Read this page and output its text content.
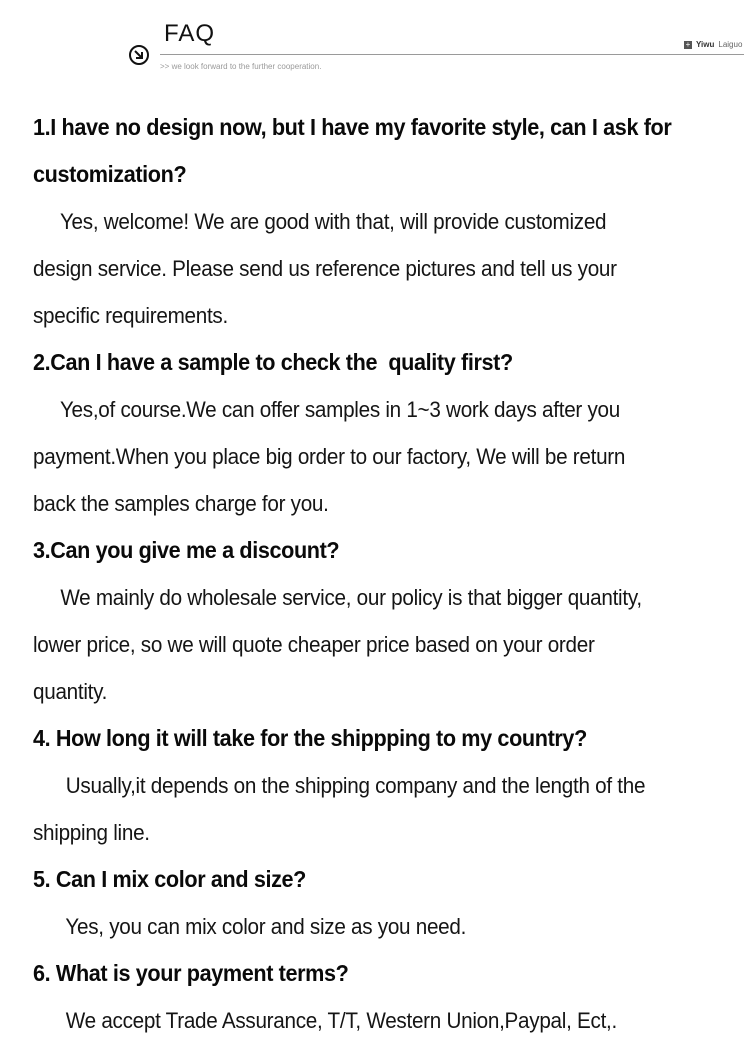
FAQ
>> we look forward to the further cooperation.
+ Yiwu Laiguo
1.I have no design now, but I have my favorite style, can I ask for customization?
Yes, welcome! We are good with that, will provide customized
design service. Please send us reference pictures and tell us your
specific requirements.
2.Can I have a sample to check the  quality first?
Yes,of course.We can offer samples in 1~3 work days after you
payment.When you place big order to our factory, We will be return
back the samples charge for you.
3.Can you give me a discount?
We mainly do wholesale service, our policy is that bigger quantity,
lower price, so we will quote cheaper price based on your order
quantity.
4. How long it will take for the shippping to my country?
Usually,it depends on the shipping company and the length of the
shipping line.
5. Can I mix color and size?
Yes, you can mix color and size as you need.
6. What is your payment terms?
We accept Trade Assurance, T/T, Western Union,Paypal, Ect,.
